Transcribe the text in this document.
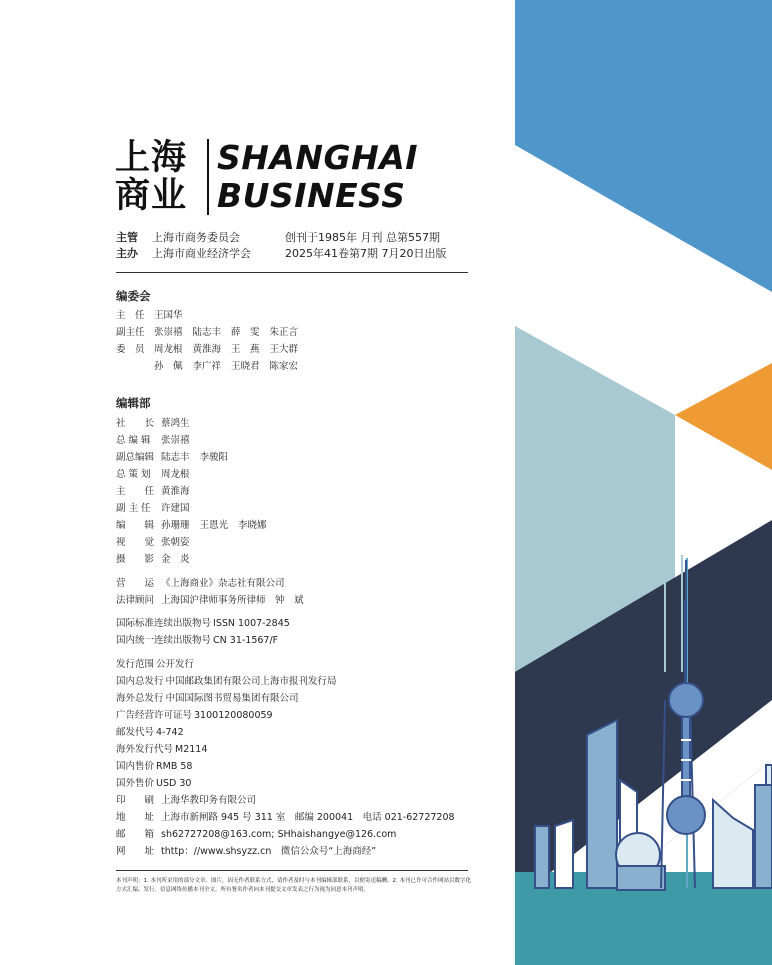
上海
商业
SHANGHAI
BUSINESS
主管 上海市商务委员会	创刊于1985年 月刊 总第557期
主办 上海市商业经济学会	2025年41卷第7期 7月20日出版
编委会
主　任 王国华
副主任 张崇禧 陆志丰 薛　雯 朱正言
委　员 周龙根 黄淮海 王　燕 王大群
孙　佩 李广祥 王晓君 陈家宏
编辑部
社　　长 蔡鸿生
总 编 辑 张崇禧
副总编辑 陆志丰 李骏阳
总 策 划 周龙根
主　　任 黄淮海
副 主 任 许建国
编　　辑 孙珊珊 王恩光 李晓娜
视　　觉 张朝姿
摄　　影 金　炎
营　　运 《上海商业》杂志社有限公司
法律顾问 上海国沪律师事务所律师　钟　斌
国际标准连续出版物号 ISSN 1007-2845
国内统一连续出版物号 CN 31-1567/F
发行范围 公开发行
国内总发行 中国邮政集团有限公司上海市报刊发行局
海外总发行 中国国际图书贸易集团有限公司
广告经营许可证号 3100120080059
邮发代号 4-742
海外发行代号 M2114
国内售价 RMB 58
国外售价 USD 30
印　　刷 上海华教印务有限公司
地　　址 上海市新闸路 945 号 311 室　邮编 200041　电话 021-62727208
邮　　箱 sh62727208@163.com; SHhaishangye@126.com
网　　址 thttp：//www.shsyzz.cn　微信公众号“上海商经”
本刊声明：1. 本刊所采用的部分文章、图片，因无作者联系方式，请作者及时与本刊编辑部联系，以便寄送稿酬。2. 本刊已许可合作网站以数字化方式汇编、发行。信息网络传播本刊全文。所有署名作者向本刊提交文章发表之行为视为同意本刊声明。
